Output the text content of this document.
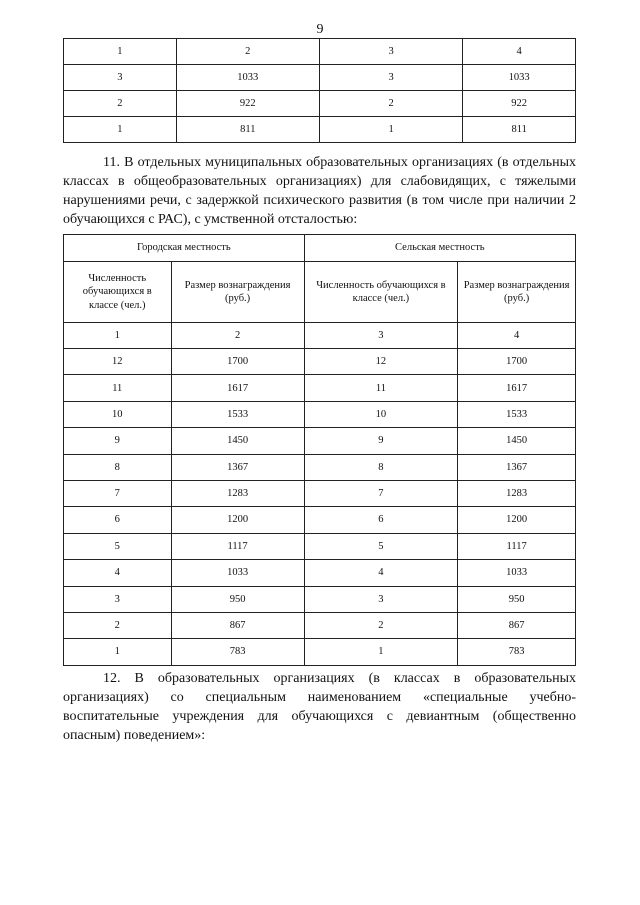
9
1	2	3	4
3	1033	3	1033
2	922	2	922
1	811	1	811

11. В отдельных муниципальных образовательных организациях (в отдельных классах в общеобразовательных организациях) для слабовидящих, с тяжелыми нарушениями речи, с задержкой психического развития (в том числе при наличии 2 обучающихся с РАС), с умственной отсталостью:

Городская местность		Сельская местность	
Численность обучающихся в классе (чел.)	Размер вознаграждения (руб.)	Численность обучающихся в классе (чел.)	Размер вознаграждения (руб.)
1	2	3	4
12	1700	12	1700
11	1617	11	1617
10	1533	10	1533
9	1450	9	1450
8	1367	8	1367
7	1283	7	1283
6	1200	6	1200
5	1117	5	1117
4	1033	4	1033
3	950	3	950
2	867	2	867
1	783	1	783

12. В образовательных организациях (в классах в образовательных организациях) со специальным наименованием «специальные учебно-воспитательные учреждения для обучающихся с девиантным (общественно опасным) поведением»:
